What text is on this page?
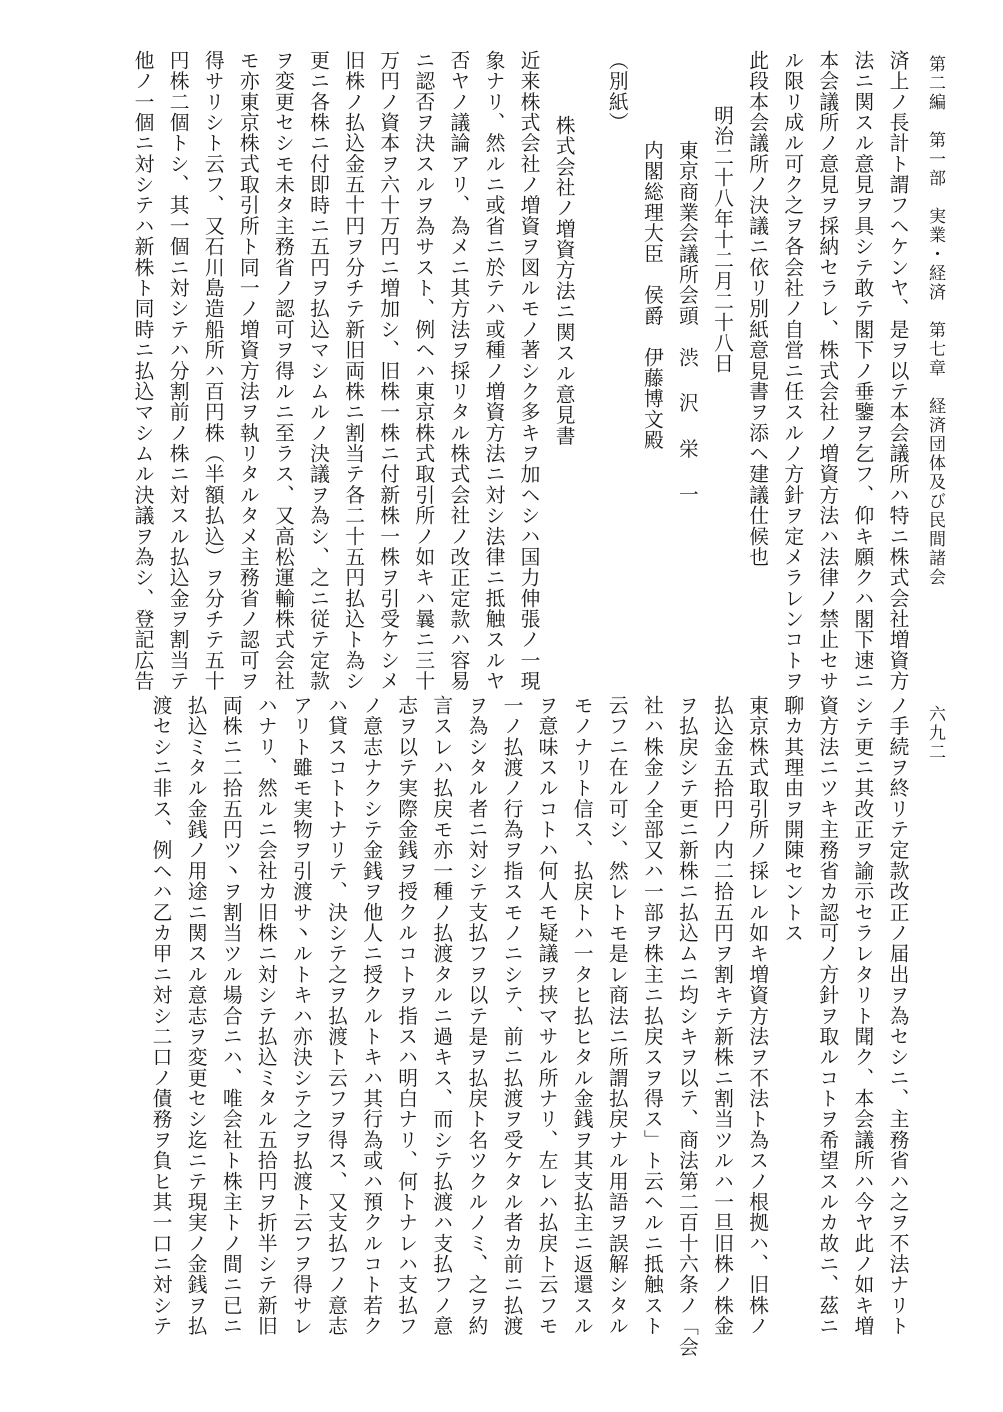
第二編　第一部　実業・経済　第七章　経済団体及び民間諸会
六九二
済上ノ長計ト謂フヘケンヤ、是ヲ以テ本会議所ハ特ニ株式会社増資方
法ニ関スル意見ヲ具シテ敢テ閣下ノ垂鑒ヲ乞フ、仰キ願クハ閣下速ニ
本会議所ノ意見ヲ採納セラレ、株式会社ノ増資方法ハ法律ノ禁止セサ
ル限リ成ル可ク之ヲ各会社ノ自営ニ任スルノ方針ヲ定メラレンコトヲ
此段本会議所ノ決議ニ依リ別紙意見書ヲ添ヘ建議仕候也
明治二十八年十二月二十八日
東京商業会議所会頭　渋沢栄一
内閣総理大臣　侯爵　伊藤博文殿
（別紙）
株式会社ノ増資方法ニ関スル意見書
近来株式会社ノ増資ヲ図ルモノ著シク多キヲ加ヘシハ国力伸張ノ一現
象ナリ、然ルニ或省ニ於テハ或種ノ増資方法ニ対シ法律ニ抵触スルヤ
否ヤノ議論アリ、為メニ其方法ヲ採リタル株式会社ノ改正定款ハ容易
ニ認否ヲ決スルヲ為サスト、例ヘハ東京株式取引所ノ如キハ曩ニ三十
万円ノ資本ヲ六十万円ニ増加シ、旧株一株ニ付新株一株ヲ引受ケシメ
旧株ノ払込金五十円ヲ分チテ新旧両株ニ割当テ各二十五円払込ト為シ
更ニ各株ニ付即時ニ五円ヲ払込マシムルノ決議ヲ為シ、之ニ従テ定款
ヲ変更セシモ未タ主務省ノ認可ヲ得ルニ至ラス、又高松運輸株式会社
モ亦東京株式取引所ト同一ノ増資方法ヲ執リタルタメ主務省ノ認可ヲ
得サリシト云フ、又石川島造船所ハ百円株（半額払込）ヲ分チテ五十
円株二個トシ、其一個ニ対シテハ分割前ノ株ニ対スル払込金ヲ割当テ
他ノ一個ニ対シテハ新株ト同時ニ払込マシムル決議ヲ為シ、登記広告
ノ手続ヲ終リテ定款改正ノ届出ヲ為セシニ、主務省ハ之ヲ不法ナリト
シテ更ニ其改正ヲ諭示セラレタリト聞ク、本会議所ハ今ヤ此ノ如キ増
資方法ニツキ主務省カ認可ノ方針ヲ取ルコトヲ希望スルカ故ニ、茲ニ
聊カ其理由ヲ開陳セントス
東京株式取引所ノ採レル如キ増資方法ヲ不法ト為スノ根拠ハ、旧株ノ
払込金五拾円ノ内二拾五円ヲ割キテ新株ニ割当ツルハ一旦旧株ノ株金
ヲ払戻シテ更ニ新株ニ払込ムニ均シキヲ以テ、商法第二百十六条ノ「会
社ハ株金ノ全部又ハ一部ヲ株主ニ払戻スヲ得ス」ト云ヘルニ抵触スト
云フニ在ル可シ、然レトモ是レ商法ニ所謂払戻ナル用語ヲ誤解シタル
モノナリト信ス、払戻トハ一タヒ払ヒタル金銭ヲ其支払主ニ返還スル
ヲ意味スルコトハ何人モ疑議ヲ挟マサル所ナリ、左レハ払戻ト云フモ
一ノ払渡ノ行為ヲ指スモノニシテ、前ニ払渡ヲ受ケタル者カ前ニ払渡
ヲ為シタル者ニ対シテ支払フヲ以テ是ヲ払戻ト名ツクルノミ、之ヲ約
言スレハ払戻モ亦一種ノ払渡タルニ過キス、而シテ払渡ハ支払フノ意
志ヲ以テ実際金銭ヲ授クルコトヲ指スハ明白ナリ、何トナレハ支払フ
ノ意志ナクシテ金銭ヲ他人ニ授クルトキハ其行為或ハ預クルコト若ク
ハ貸スコトトナリテ、決シテ之ヲ払渡ト云フヲ得ス、又支払フノ意志
アリト雖モ実物ヲ引渡サ丶ルトキハ亦決シテ之ヲ払渡ト云フヲ得サレ
ハナリ、然ルニ会社カ旧株ニ対シテ払込ミタル五拾円ヲ折半シテ新旧
両株ニ二拾五円ツ丶ヲ割当ツル場合ニハ、唯会社ト株主トノ間ニ已ニ
払込ミタル金銭ノ用途ニ関スル意志ヲ変更セシ迄ニテ現実ノ金銭ヲ払
渡セシニ非ス、例ヘハ乙カ甲ニ対シ二口ノ債務ヲ負ヒ其一口ニ対シテ
